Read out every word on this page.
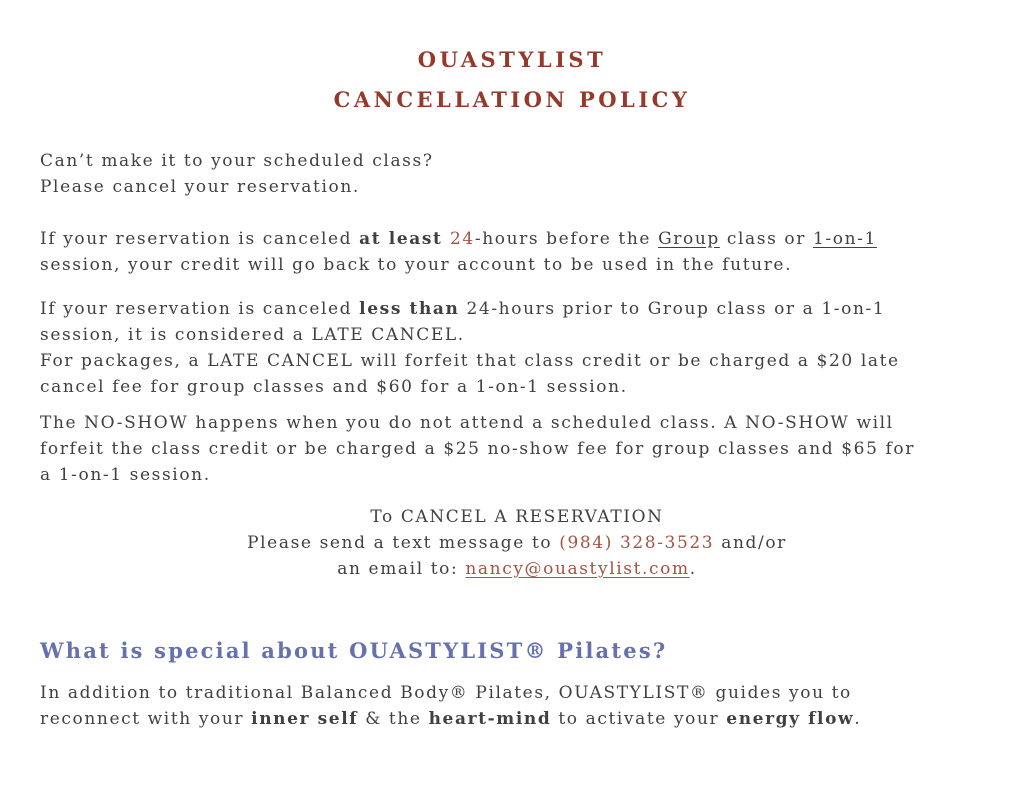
OUASTYLIST
CANCELLATION POLICY
Can’t make it to your scheduled class?
Please cancel your reservation.
If your reservation is canceled at least 24-hours before the Group class or 1-on-1
session, your credit will go back to your account to be used in the future.
If your reservation is canceled less than 24-hours prior to Group class or a 1-on-1
session, it is considered a LATE CANCEL.
For packages, a LATE CANCEL will forfeit that class credit or be charged a $20 late
cancel fee for group classes and $60 for a 1-on-1 session.
The NO-SHOW happens when you do not attend a scheduled class. A NO-SHOW will
forfeit the class credit or be charged a $25 no-show fee for group classes and $65 for
a 1-on-1 session.
To CANCEL A RESERVATION
Please send a text message to (984) 328-3523 and/or
an email to: nancy@ouastylist.com.
What is special about OUASTYLIST® Pilates?
In addition to traditional Balanced Body® Pilates, OUASTYLIST® guides you to
reconnect with your inner self & the heart-mind to activate your energy flow.
